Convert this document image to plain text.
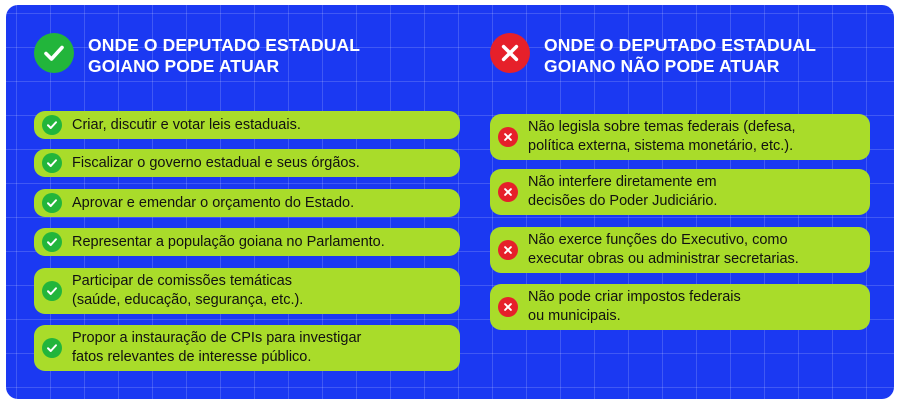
ONDE O DEPUTADO ESTADUAL
GOIANO PODE ATUAR
Criar, discutir e votar leis estaduais.
Fiscalizar o governo estadual e seus órgãos.
Aprovar e emendar o orçamento do Estado.
Representar a população goiana no Parlamento.
Participar de comissões temáticas
(saúde, educação, segurança, etc.).
Propor a instauração de CPIs para investigar
fatos relevantes de interesse público.
ONDE O DEPUTADO ESTADUAL
GOIANO NÃO PODE ATUAR
Não legisla sobre temas federais (defesa,
política externa, sistema monetário, etc.).
Não interfere diretamente em
decisões do Poder Judiciário.
Não exerce funções do Executivo, como
executar obras ou administrar secretarias.
Não pode criar impostos federais
ou municipais.
